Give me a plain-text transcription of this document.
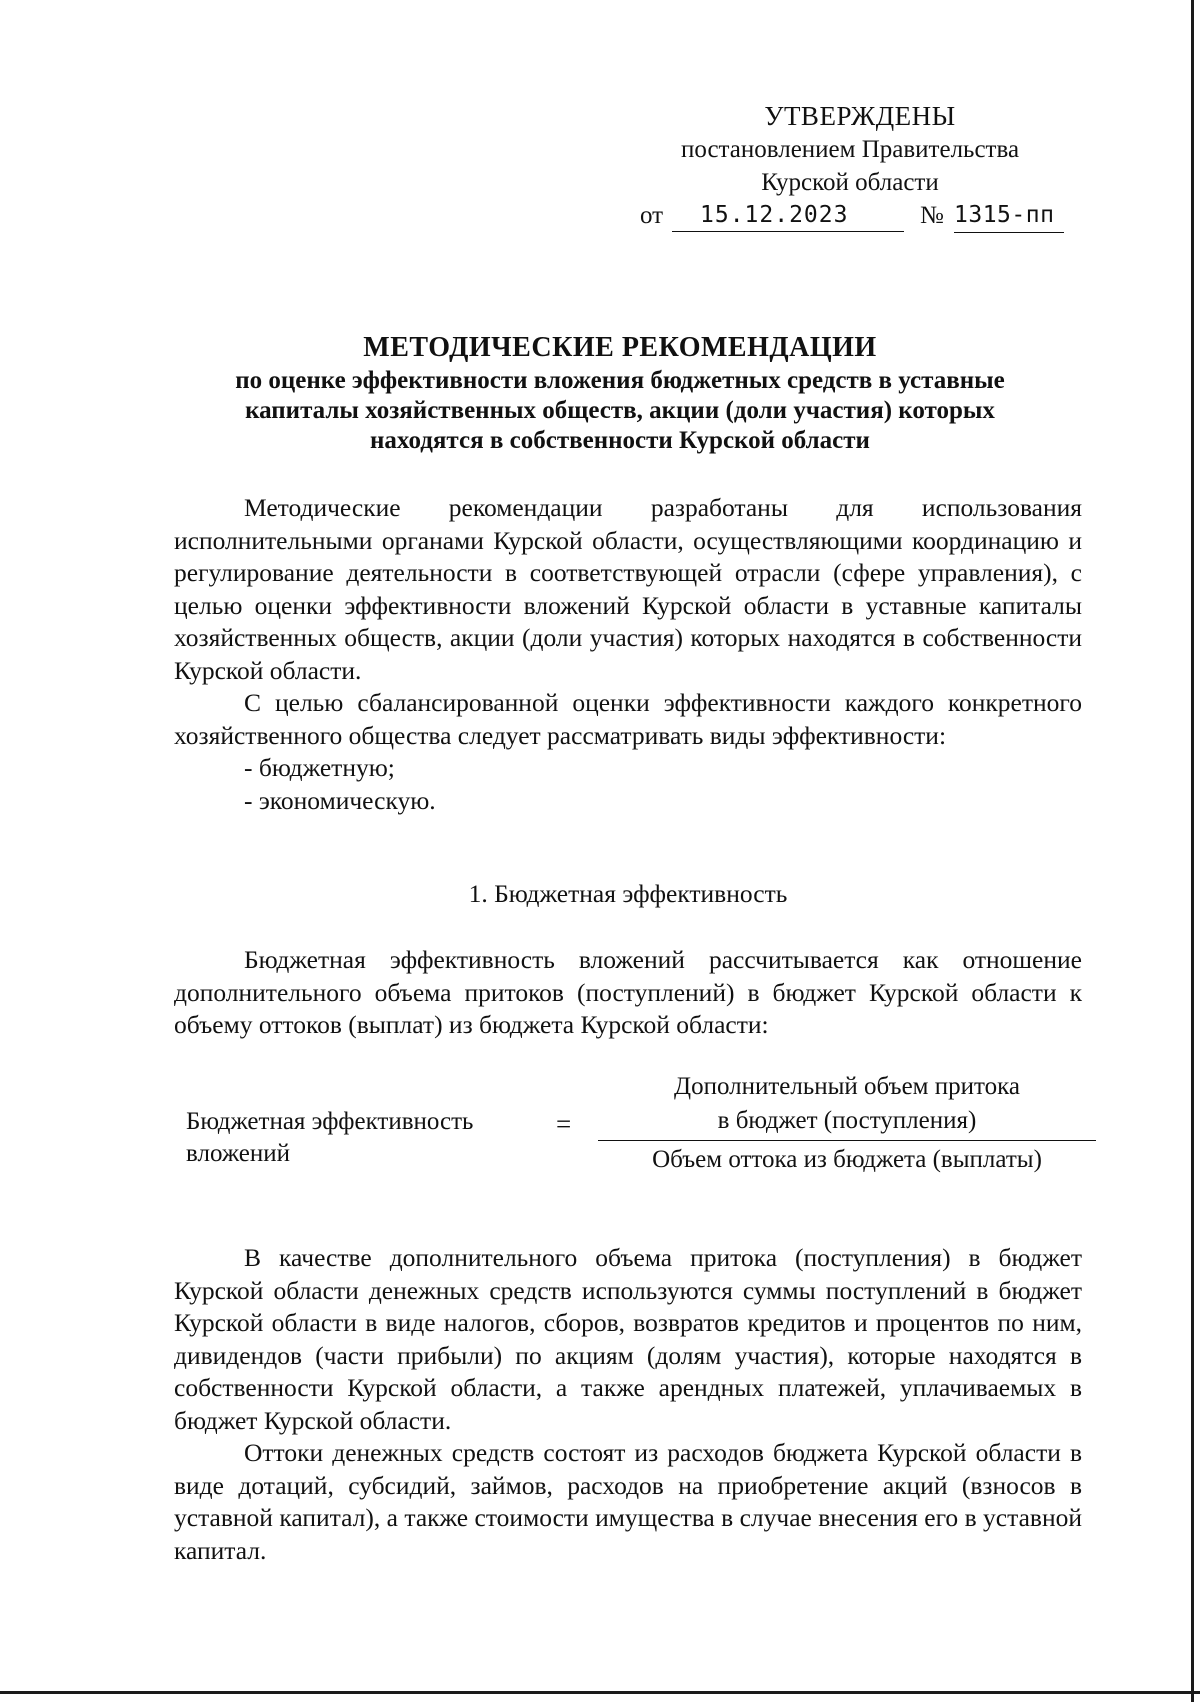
УТВЕРЖДЕНЫ
постановлением Правительства
Курской области
от	15.12.2023	№ 1315-пп
МЕТОДИЧЕСКИЕ РЕКОМЕНДАЦИИ
по оценке эффективности вложения бюджетных средств в уставные
капиталы хозяйственных обществ, акции (доли участия) которых
находятся в собственности Курской области

Методические рекомендации разработаны для использования исполнительными органами Курской области, осуществляющими координацию и регулирование деятельности в соответствующей отрасли (сфере управления), с целью оценки эффективности вложений Курской области в уставные капиталы хозяйственных обществ, акции (доли участия) которых находятся в собственности Курской области.

С целью сбалансированной оценки эффективности каждого конкретного хозяйственного общества следует рассматривать виды эффективности:

- бюджетную;

- экономическую.

1. Бюджетная эффективность

Бюджетная эффективность вложений рассчитывается как отношение дополнительного объема притоков (поступлений) в бюджет Курской области к объему оттоков (выплат) из бюджета Курской области:

Бюджетная эффективность
вложений
=
Дополнительный объем притока
в бюджет (поступления)
Объем оттока из бюджета (выплаты)

В качестве дополнительного объема притока (поступления) в бюджет Курской области денежных средств используются суммы поступлений в бюджет Курской области в виде налогов, сборов, возвратов кредитов и процентов по ним, дивидендов (части прибыли) по акциям (долям участия), которые находятся в собственности Курской области, а также арендных платежей, уплачиваемых в бюджет Курской области.

Оттоки денежных средств состоят из расходов бюджета Курской области в виде дотаций, субсидий, займов, расходов на приобретение акций (взносов в уставной капитал), а также стоимости имущества в случае внесения его в уставной капитал.
